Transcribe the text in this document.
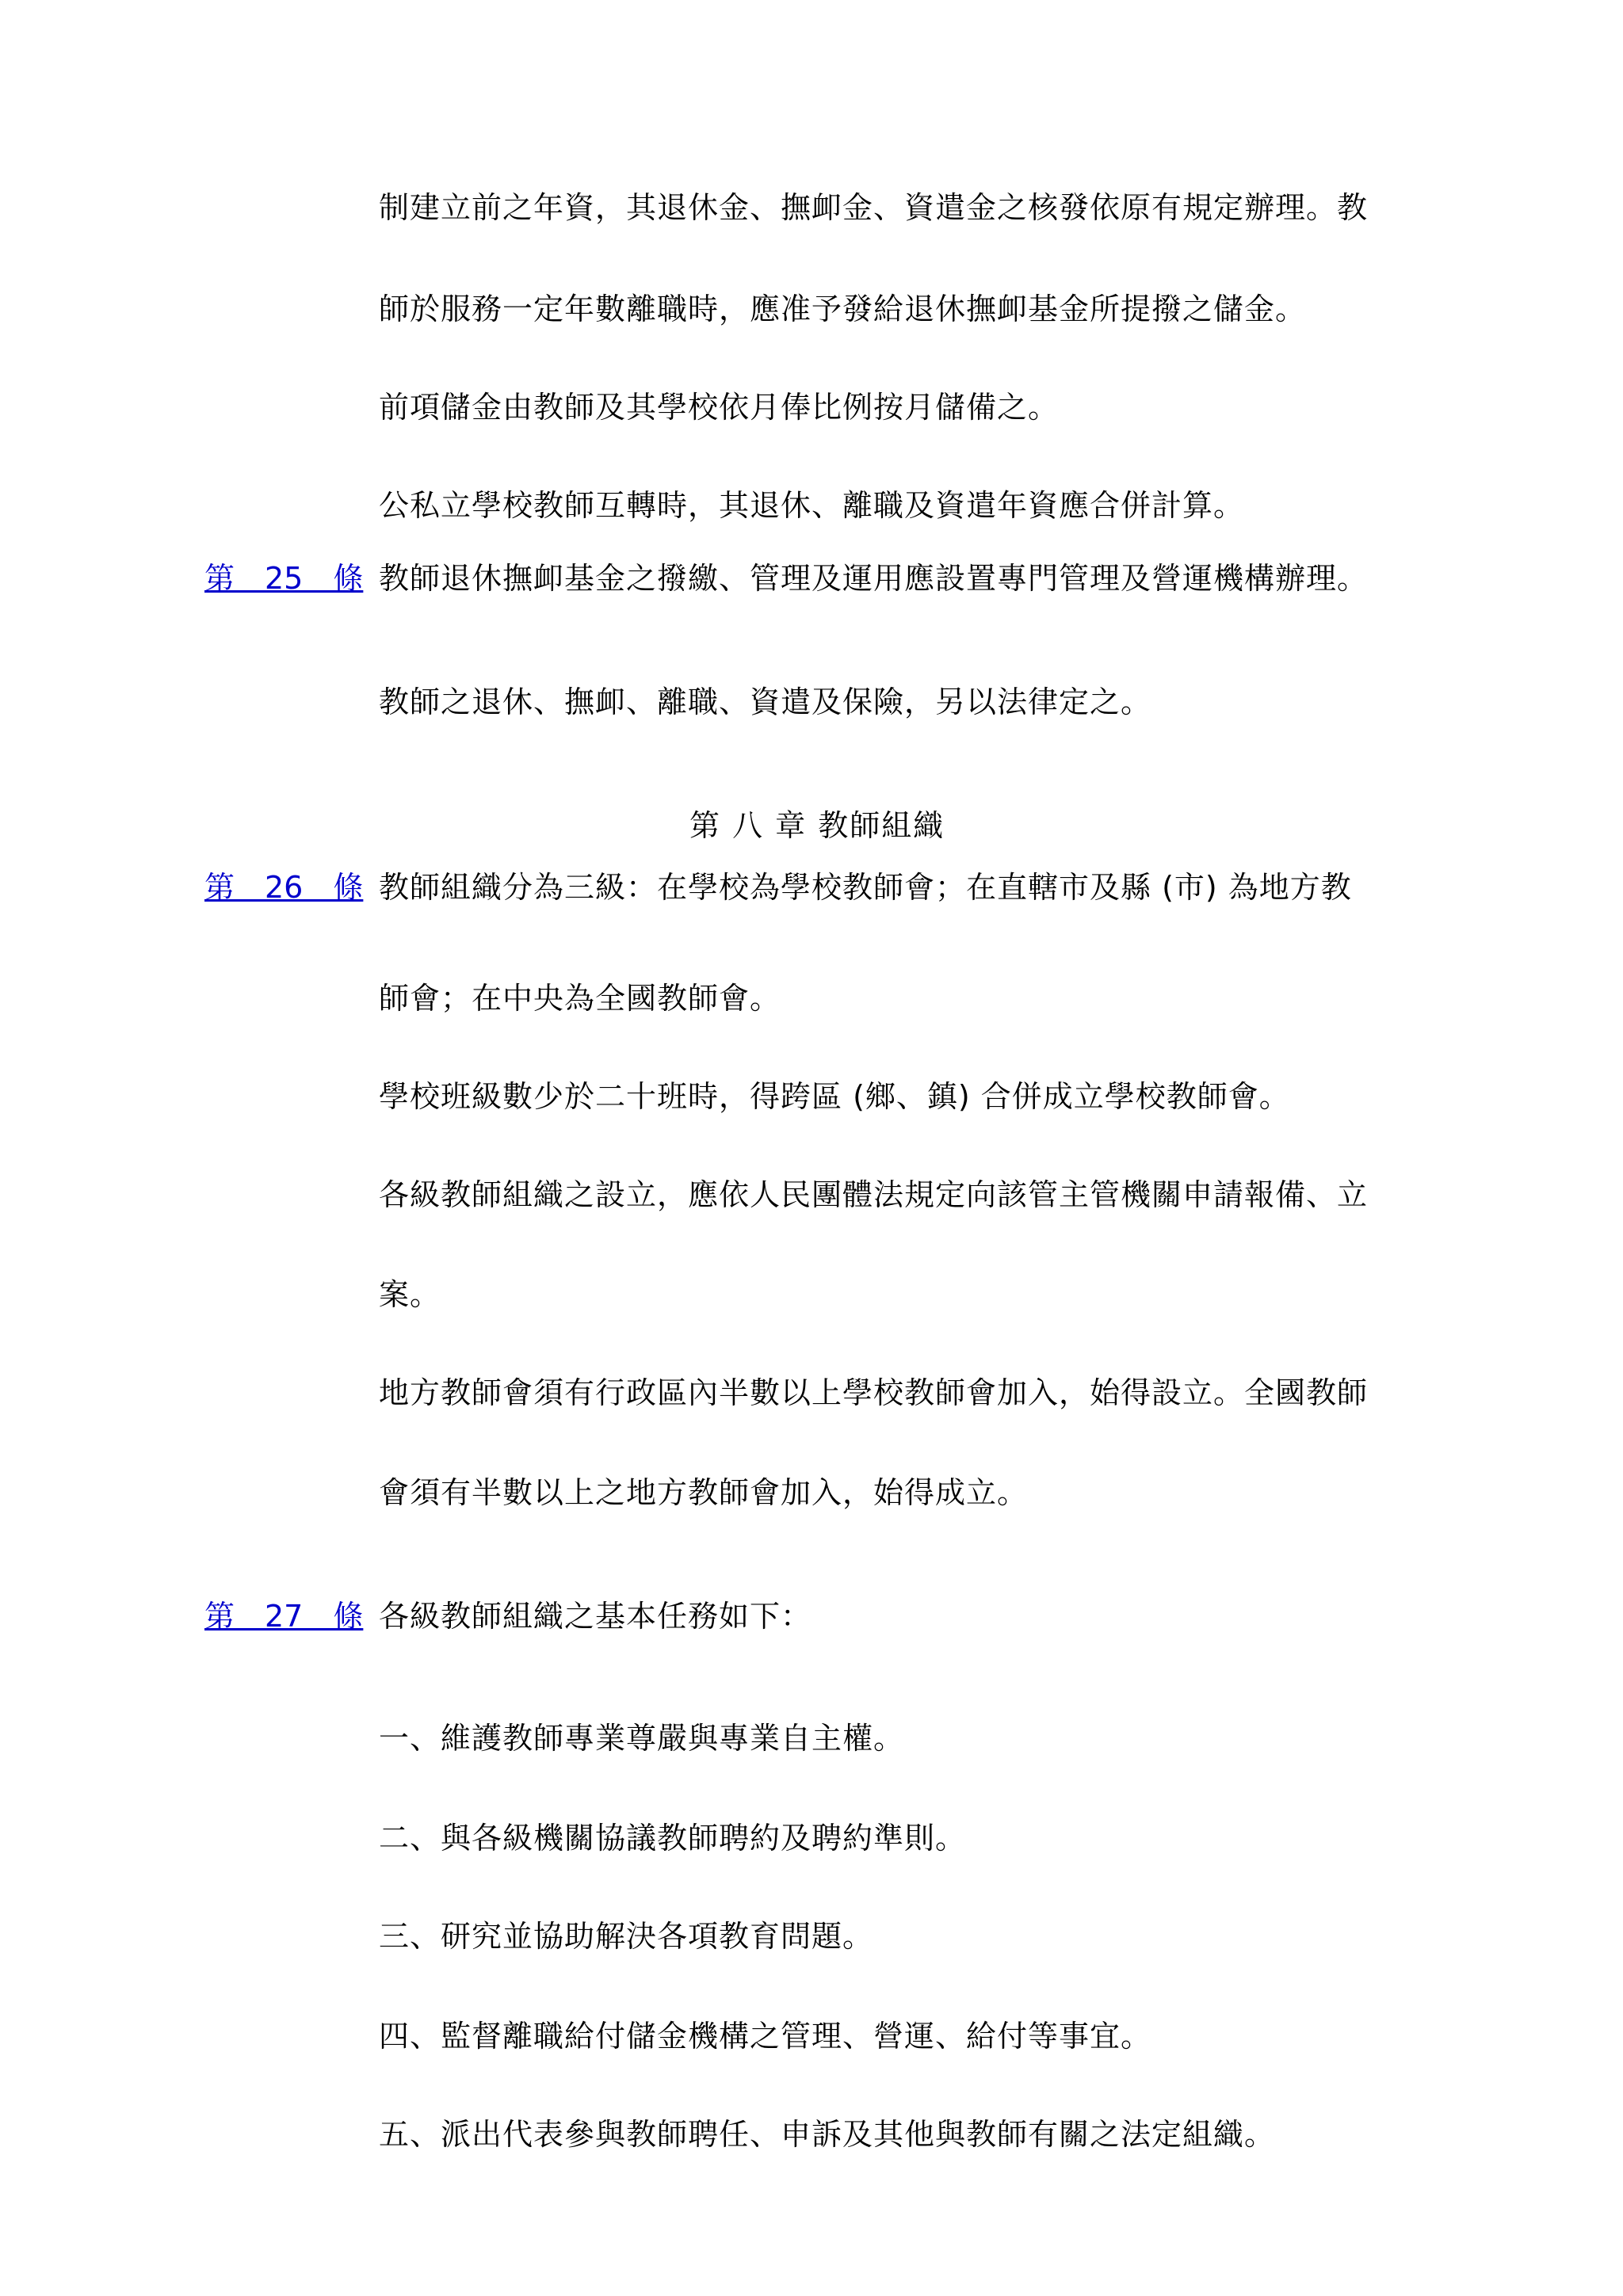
制建立前之年資，其退休金、撫卹金、資遣金之核發依原有規定辦理。教
師於服務一定年數離職時，應准予發給退休撫卹基金所提撥之儲金。
前項儲金由教師及其學校依月俸比例按月儲備之。
公私立學校教師互轉時，其退休、離職及資遣年資應合併計算。
第　25　條 教師退休撫卹基金之撥繳、管理及運用應設置專門管理及營運機構辦理。
教師之退休、撫卹、離職、資遣及保險，另以法律定之。
第 八 章 教師組織
第　26　條 教師組織分為三級：在學校為學校教師會；在直轄市及縣 (市) 為地方教
師會；在中央為全國教師會。
學校班級數少於二十班時，得跨區 (鄉、鎮) 合併成立學校教師會。
各級教師組織之設立，應依人民團體法規定向該管主管機關申請報備、立
案。
地方教師會須有行政區內半數以上學校教師會加入，始得設立。全國教師
會須有半數以上之地方教師會加入，始得成立。
第　27　條 各級教師組織之基本任務如下：
一、維護教師專業尊嚴與專業自主權。
二、與各級機關協議教師聘約及聘約準則。
三、研究並協助解決各項教育問題。
四、監督離職給付儲金機構之管理、營運、給付等事宜。
五、派出代表參與教師聘任、申訴及其他與教師有關之法定組織。
